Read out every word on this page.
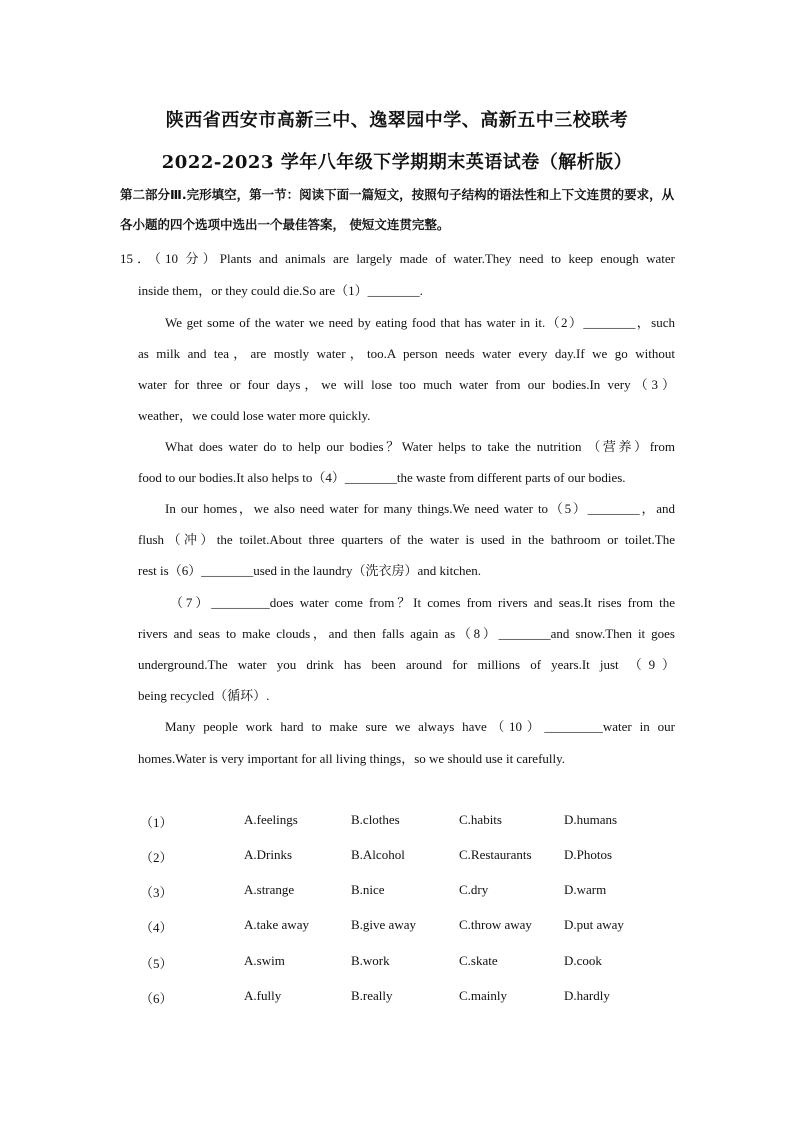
陕西省西安市高新三中、逸翠园中学、高新五中三校联考
2022-2023 学年八年级下学期期末英语试卷（解析版）
第二部分Ⅲ.完形填空，第一节：阅读下面一篇短文，按照句子结构的语法性和上下文连贯的要求，从各小题的四个选项中选出一个最佳答案， 使短文连贯完整。
15．（10 分）Plants and animals are largely made of water.They need to keep enough water
inside them，or they could die.So are（1）________.
We get some of the water we need by eating food that has water in it.（2）________，such
as milk and tea，are mostly water，too.A person needs water every day.If we go without
water for three or four days，we will lose too much water from our bodies.In very（3）
weather，we could lose water more quickly.
What does water do to help our bodies？Water helps to take the nutrition （营养）from
food to our bodies.It also helps to（4）________the waste from different parts of our bodies.
In our homes，we also need water for many things.We need water to（5）________，and
flush（冲）the toilet.About three quarters of the water is used in the bathroom or toilet.The
rest is（6）________used in the laundry（洗衣房）and kitchen.
（7）_________does water come from？It comes from rivers and seas.It rises from the
rivers and seas to make clouds，and then falls again as（8）________and snow.Then it goes
underground.The water you drink has been around for millions of years.It just （9）
being recycled（循环）.
Many people work hard to make sure we always have（10）_________water in our
homes.Water is very important for all living things，so we should use it carefully.
（1）	A.feelings	B.clothes	C.habits	D.humans
（2）	A.Drinks	B.Alcohol	C.Restaurants D.Photos
（3）	A.strange	B.nice	C.dry	D.warm
（4）	A.take away	B.give away	C.throw away D.put away
（5）	A.swim	B.work	C.skate	D.cook
（6）	A.fully	B.really	C.mainly	D.hardly
